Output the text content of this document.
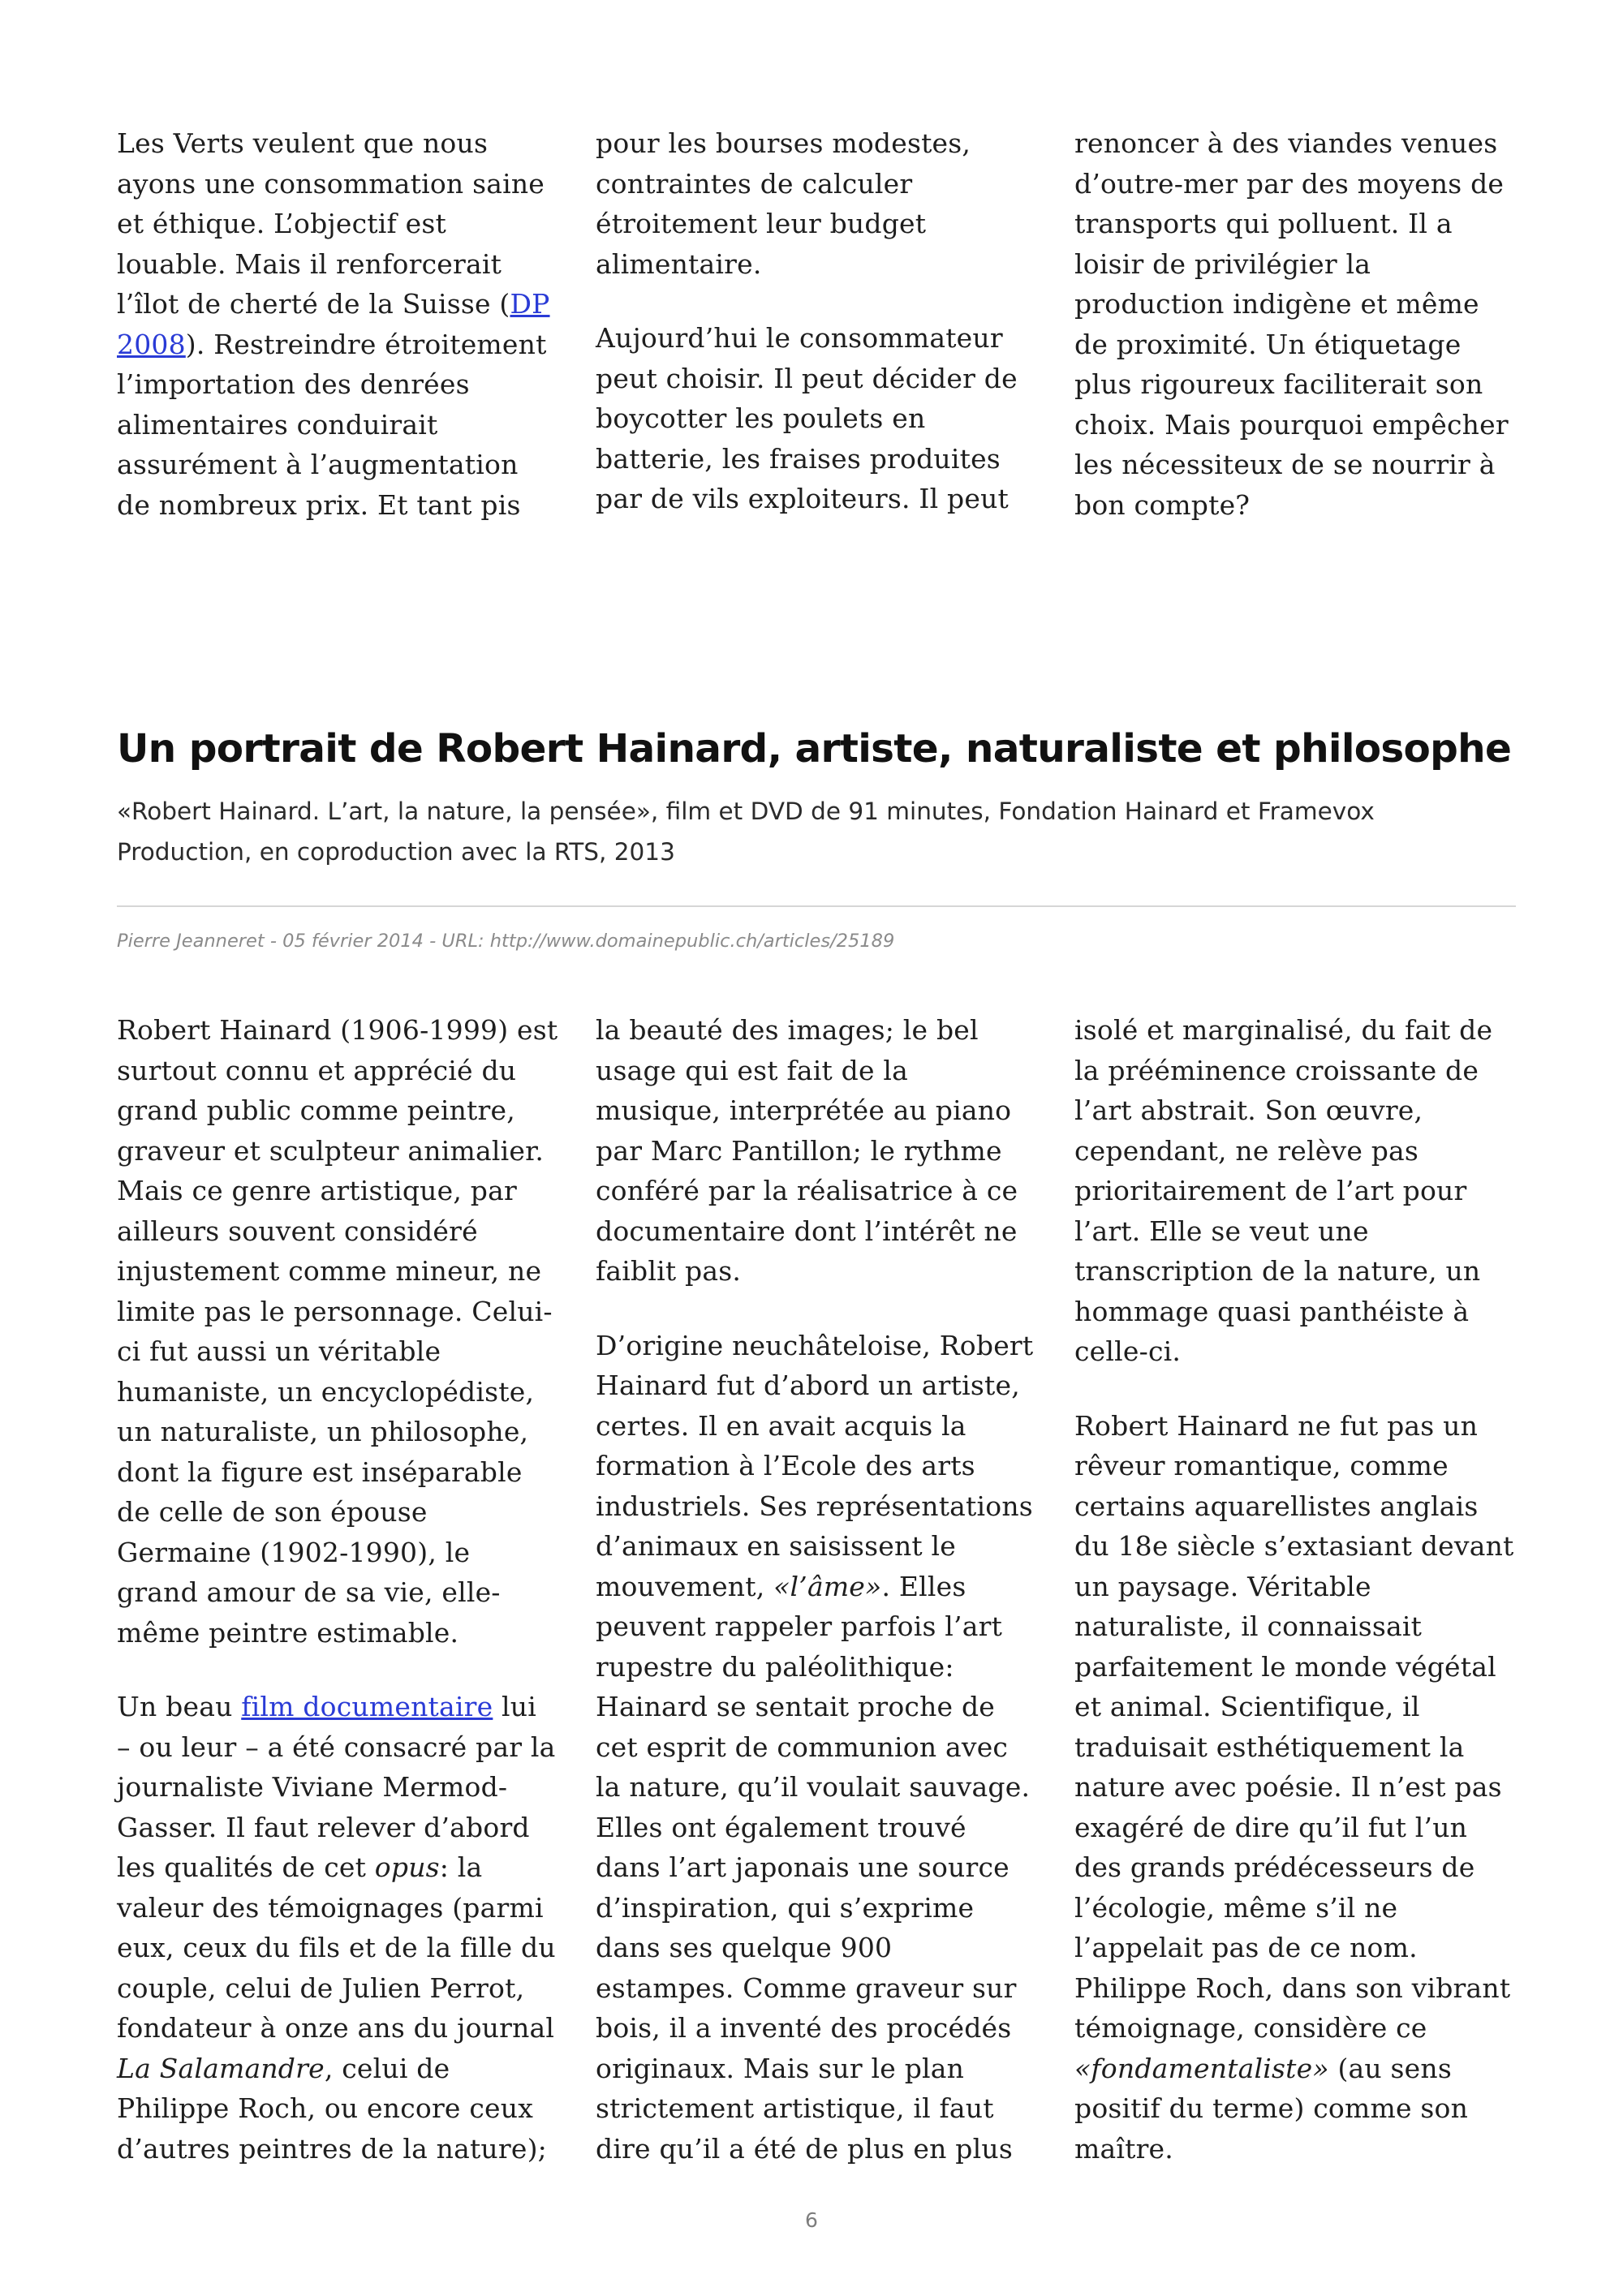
Les Verts veulent que nous ayons une consommation saine et éthique. L’objectif est louable. Mais il renforcerait l’îlot de cherté de la Suisse (DP 2008). Restreindre étroitement l’importation des denrées alimentaires conduirait assurément à l’augmentation de nombreux prix. Et tant pis

pour les bourses modestes, contraintes de calculer étroitement leur budget alimentaire.

Aujourd’hui le consommateur peut choisir. Il peut décider de boycotter les poulets en batterie, les fraises produites par de vils exploiteurs. Il peut

renoncer à des viandes venues d’outre-mer par des moyens de transports qui polluent. Il a loisir de privilégier la production indigène et même de proximité. Un étiquetage plus rigoureux faciliterait son choix. Mais pourquoi empêcher les nécessiteux de se nourrir à bon compte?

Un portrait de Robert Hainard, artiste, naturaliste et philosophe

«Robert Hainard. L’art, la nature, la pensée», film et DVD de 91 minutes, Fondation Hainard et Framevox Production, en coproduction avec la RTS, 2013

Pierre Jeanneret - 05 février 2014 - URL: http://www.domainepublic.ch/articles/25189

Robert Hainard (1906-1999) est surtout connu et apprécié du grand public comme peintre, graveur et sculpteur animalier. Mais ce genre artistique, par ailleurs souvent considéré injustement comme mineur, ne limite pas le personnage. Celui-ci fut aussi un véritable humaniste, un encyclopédiste, un naturaliste, un philosophe, dont la figure est inséparable de celle de son épouse Germaine (1902-1990), le grand amour de sa vie, elle-même peintre estimable.

Un beau film documentaire lui – ou leur – a été consacré par la journaliste Viviane Mermod-Gasser. Il faut relever d’abord les qualités de cet opus: la valeur des témoignages (parmi eux, ceux du fils et de la fille du couple, celui de Julien Perrot, fondateur à onze ans du journal La Salamandre, celui de Philippe Roch, ou encore ceux d’autres peintres de la nature);

la beauté des images; le bel usage qui est fait de la musique, interprétée au piano par Marc Pantillon; le rythme conféré par la réalisatrice à ce documentaire dont l’intérêt ne faiblit pas.

D’origine neuchâteloise, Robert Hainard fut d’abord un artiste, certes. Il en avait acquis la formation à l’Ecole des arts industriels. Ses représentations d’animaux en saisissent le mouvement, «l’âme». Elles peuvent rappeler parfois l’art rupestre du paléolithique: Hainard se sentait proche de cet esprit de communion avec la nature, qu’il voulait sauvage. Elles ont également trouvé dans l’art japonais une source d’inspiration, qui s’exprime dans ses quelque 900 estampes. Comme graveur sur bois, il a inventé des procédés originaux. Mais sur le plan strictement artistique, il faut dire qu’il a été de plus en plus

isolé et marginalisé, du fait de la prééminence croissante de l’art abstrait. Son œuvre, cependant, ne relève pas prioritairement de l’art pour l’art. Elle se veut une transcription de la nature, un hommage quasi panthéiste à celle-ci.

Robert Hainard ne fut pas un rêveur romantique, comme certains aquarellistes anglais du 18e siècle s’extasiant devant un paysage. Véritable naturaliste, il connaissait parfaitement le monde végétal et animal. Scientifique, il traduisait esthétiquement la nature avec poésie. Il n’est pas exagéré de dire qu’il fut l’un des grands prédécesseurs de l’écologie, même s’il ne l’appelait pas de ce nom. Philippe Roch, dans son vibrant témoignage, considère ce «fondamentaliste» (au sens positif du terme) comme son maître.

6
